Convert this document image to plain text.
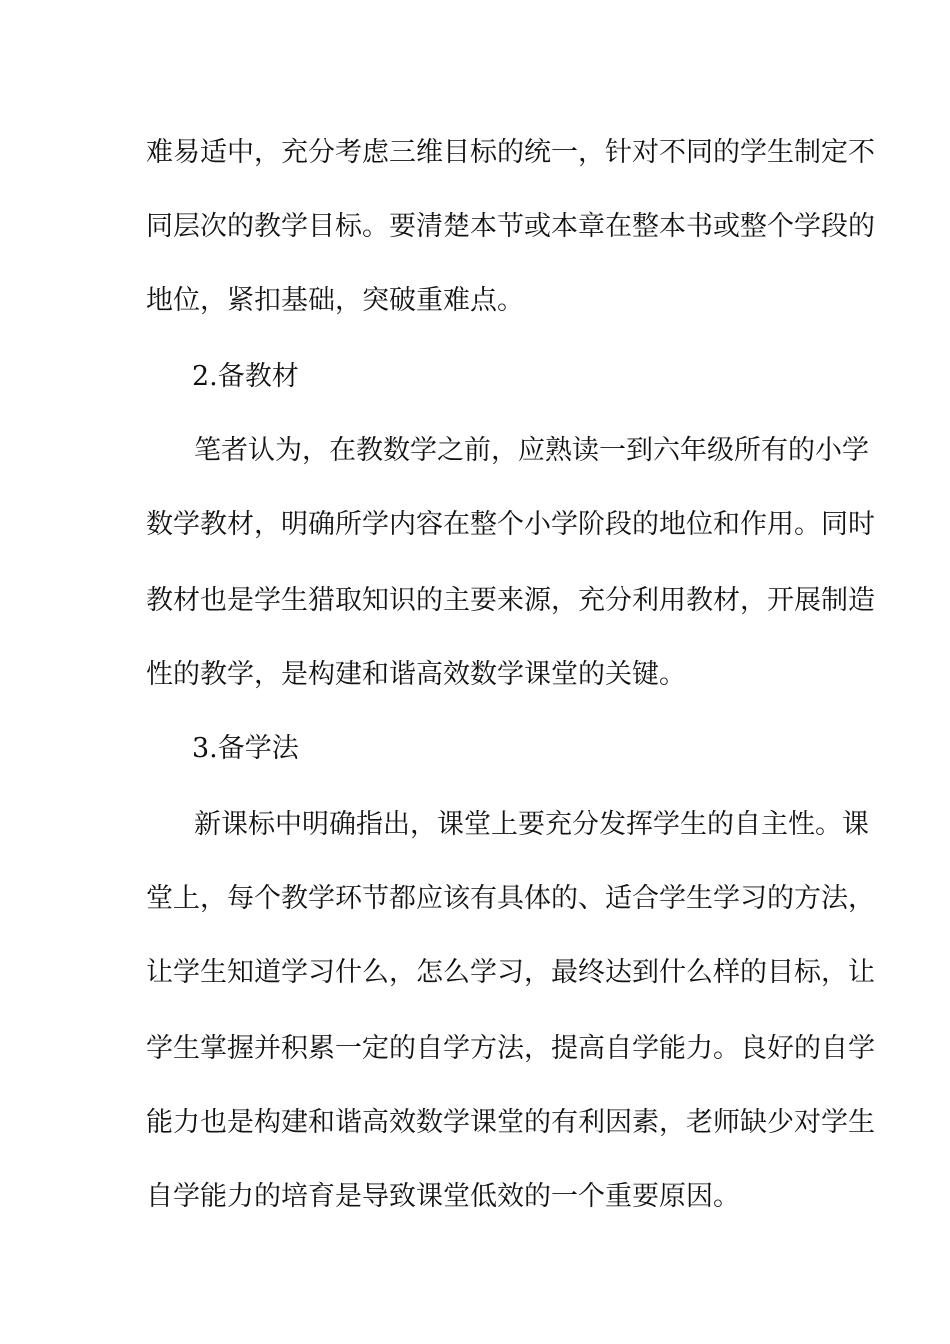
难易适中，充分考虑三维目标的统一，针对不同的学生制定不
同层次的教学目标。要清楚本节或本章在整本书或整个学段的
地位，紧扣基础，突破重难点。
2.备教材
笔者认为，在教数学之前，应熟读一到六年级所有的小学
数学教材，明确所学内容在整个小学阶段的地位和作用。同时
教材也是学生猎取知识的主要来源，充分利用教材，开展制造
性的教学，是构建和谐高效数学课堂的关键。
3.备学法
新课标中明确指出，课堂上要充分发挥学生的自主性。课
堂上，每个教学环节都应该有具体的、适合学生学习的方法，
让学生知道学习什么，怎么学习，最终达到什么样的目标，让
学生掌握并积累一定的自学方法，提高自学能力。良好的自学
能力也是构建和谐高效数学课堂的有利因素，老师缺少对学生
自学能力的培育是导致课堂低效的一个重要原因。
